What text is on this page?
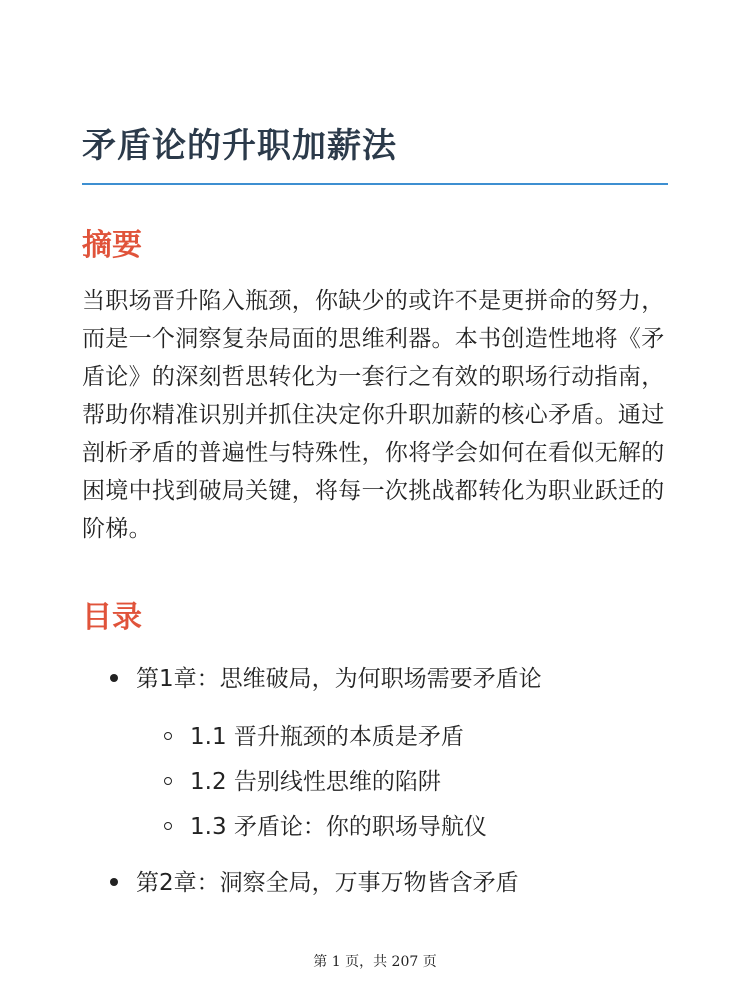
矛盾论的升职加薪法
摘要

当职场晋升陷入瓶颈，你缺少的或许不是更拼命的努力，而是一个洞察复杂局面的思维利器。本书创造性地将《矛盾论》的深刻哲思转化为一套行之有效的职场行动指南，帮助你精准识别并抓住决定你升职加薪的核心矛盾。通过剖析矛盾的普遍性与特殊性，你将学会如何在看似无解的困境中找到破局关键，将每一次挑战都转化为职业跃迁的阶梯。

目录
第1章：思维破局，为何职场需要矛盾论
1.1 晋升瓶颈的本质是矛盾
1.2 告别线性思维的陷阱
1.3 矛盾论：你的职场导航仪
第2章：洞察全局，万事万物皆含矛盾
第 1 页，共 207 页
